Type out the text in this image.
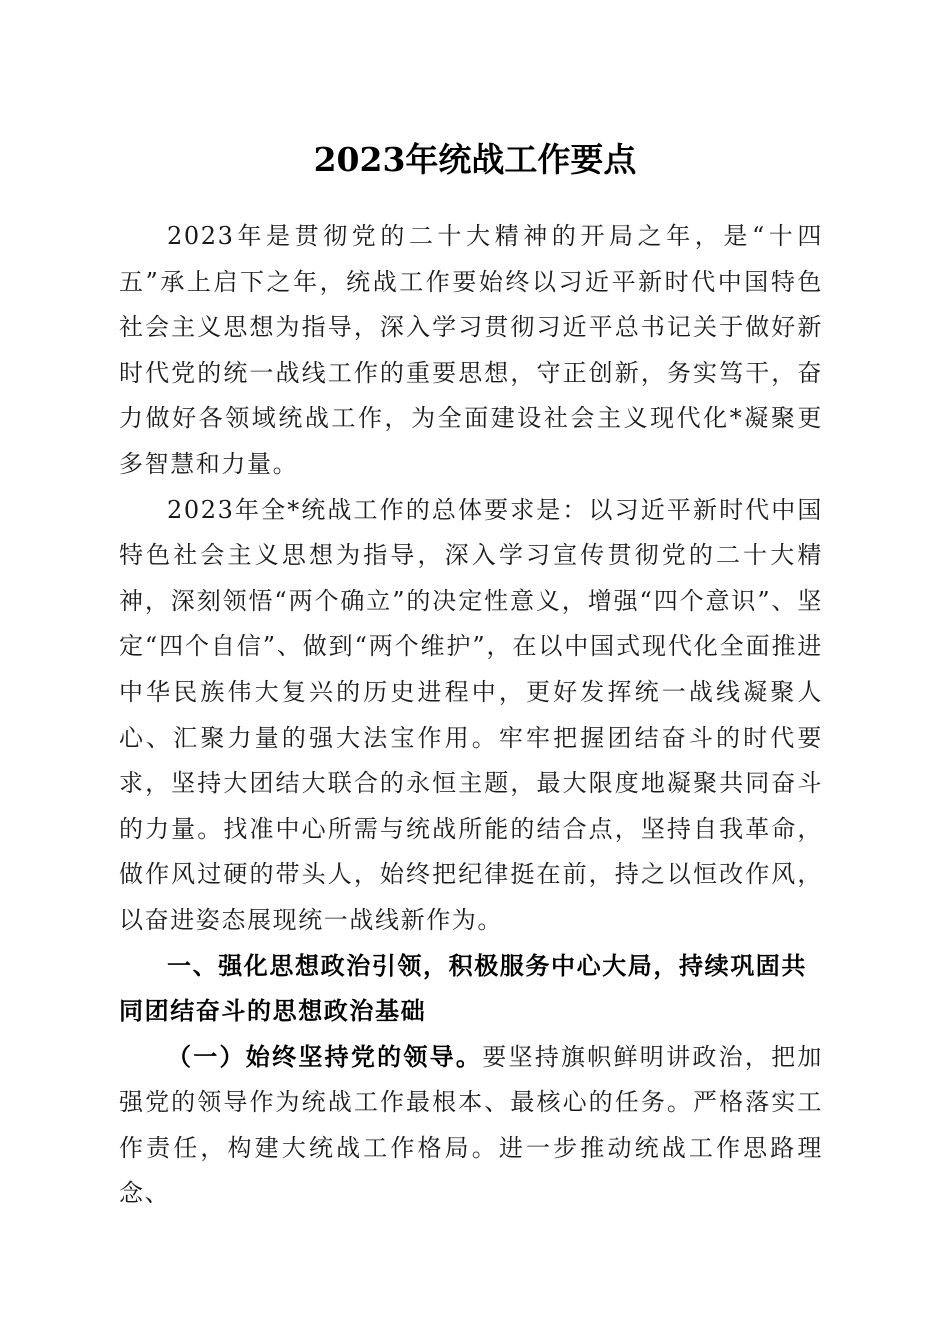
2023年统战工作要点

2023年是贯彻党的二十大精神的开局之年，是“十四五”承上启下之年，统战工作要始终以习近平新时代中国特色社会主义思想为指导，深入学习贯彻习近平总书记关于做好新时代党的统一战线工作的重要思想，守正创新，务实笃干，奋力做好各领域统战工作，为全面建设社会主义现代化*凝聚更多智慧和力量。

2023年全*统战工作的总体要求是：以习近平新时代中国特色社会主义思想为指导，深入学习宣传贯彻党的二十大精神，深刻领悟“两个确立”的决定性意义，增强“四个意识”、坚定“四个自信”、做到“两个维护”，在以中国式现代化全面推进中华民族伟大复兴的历史进程中，更好发挥统一战线凝聚人心、汇聚力量的强大法宝作用。牢牢把握团结奋斗的时代要求，坚持大团结大联合的永恒主题，最大限度地凝聚共同奋斗的力量。找准中心所需与统战所能的结合点，坚持自我革命，做作风过硬的带头人，始终把纪律挺在前，持之以恒改作风，以奋进姿态展现统一战线新作为。

一、强化思想政治引领，积极服务中心大局，持续巩固共同团结奋斗的思想政治基础

（一）始终坚持党的领导。要坚持旗帜鲜明讲政治，把加强党的领导作为统战工作最根本、最核心的任务。严格落实工作责任，构建大统战工作格局。进一步推动统战工作思路理念、
